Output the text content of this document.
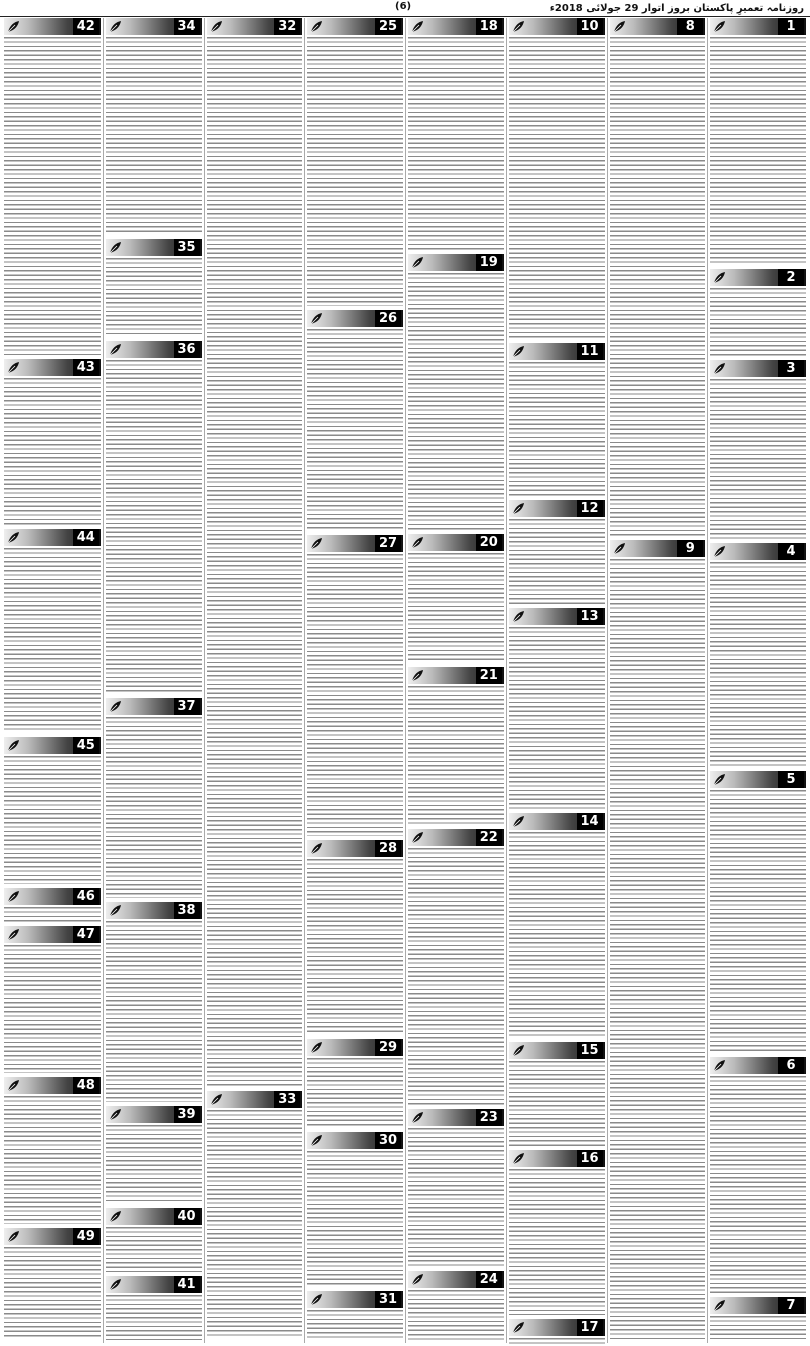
(6)	روزنامہ تعمیرِ پاکستان بروز اتوار 29 جولائی 2018ء
1
2
3
4
5
6
7
8
9
10
11
12
13
14
15
16
17
18
19
20
21
22
23
24
25
26
27
28
29
30
31
32
33
34
35
36
37
38
39
40
41
42
43
44
45
46
47
48
49
